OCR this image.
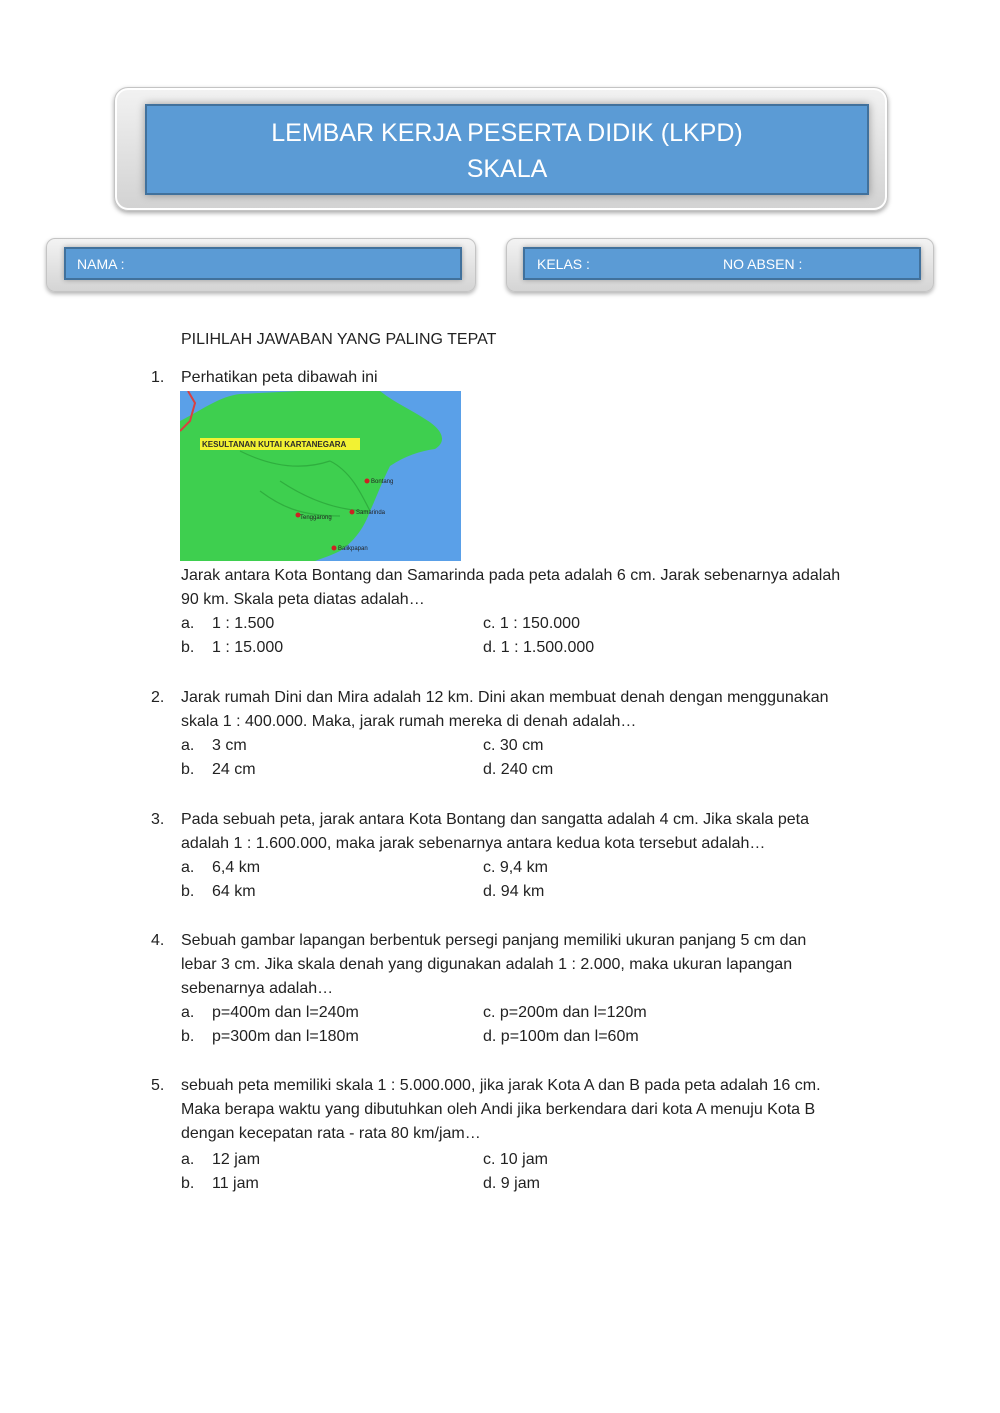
LEMBAR KERJA PESERTA DIDIK (LKPD)
SKALA
NAMA :	KELAS :	NO ABSEN :
PILIHLAH JAWABAN YANG PALING TEPAT
1. Perhatikan peta dibawah ini
KESULTANAN KUTAI KARTANEGARA
Bontang
Tenggarong
Samarinda
Balikpapan
Jarak antara Kota Bontang dan Samarinda pada peta adalah 6 cm. Jarak sebenarnya adalah
90 km. Skala peta diatas adalah…
a. 1 : 1.500	c. 1 : 150.000
b. 1 : 15.000	d. 1 : 1.500.000
2. Jarak rumah Dini dan Mira adalah 12 km. Dini akan membuat denah dengan menggunakan
skala 1 : 400.000. Maka, jarak rumah mereka di denah adalah…
a. 3 cm	c. 30 cm
b. 24 cm	d. 240 cm
3. Pada sebuah peta, jarak antara Kota Bontang dan sangatta adalah 4 cm. Jika skala peta
adalah 1 : 1.600.000, maka jarak sebenarnya antara kedua kota tersebut adalah…
a. 6,4 km	c. 9,4 km
b. 64 km	d. 94 km
4. Sebuah gambar lapangan berbentuk persegi panjang memiliki ukuran panjang 5 cm dan
lebar 3 cm. Jika skala denah yang digunakan adalah 1 : 2.000, maka ukuran lapangan
sebenarnya adalah…
a. p=400m dan l=240m	c. p=200m dan l=120m
b. p=300m dan l=180m	d. p=100m dan l=60m
5. sebuah peta memiliki skala 1 : 5.000.000, jika jarak Kota A dan B pada peta adalah 16 cm.
Maka berapa waktu yang dibutuhkan oleh Andi jika berkendara dari kota A menuju Kota B
dengan kecepatan rata - rata 80 km/jam…
a. 12 jam	c. 10 jam
b. 11 jam	d. 9 jam
